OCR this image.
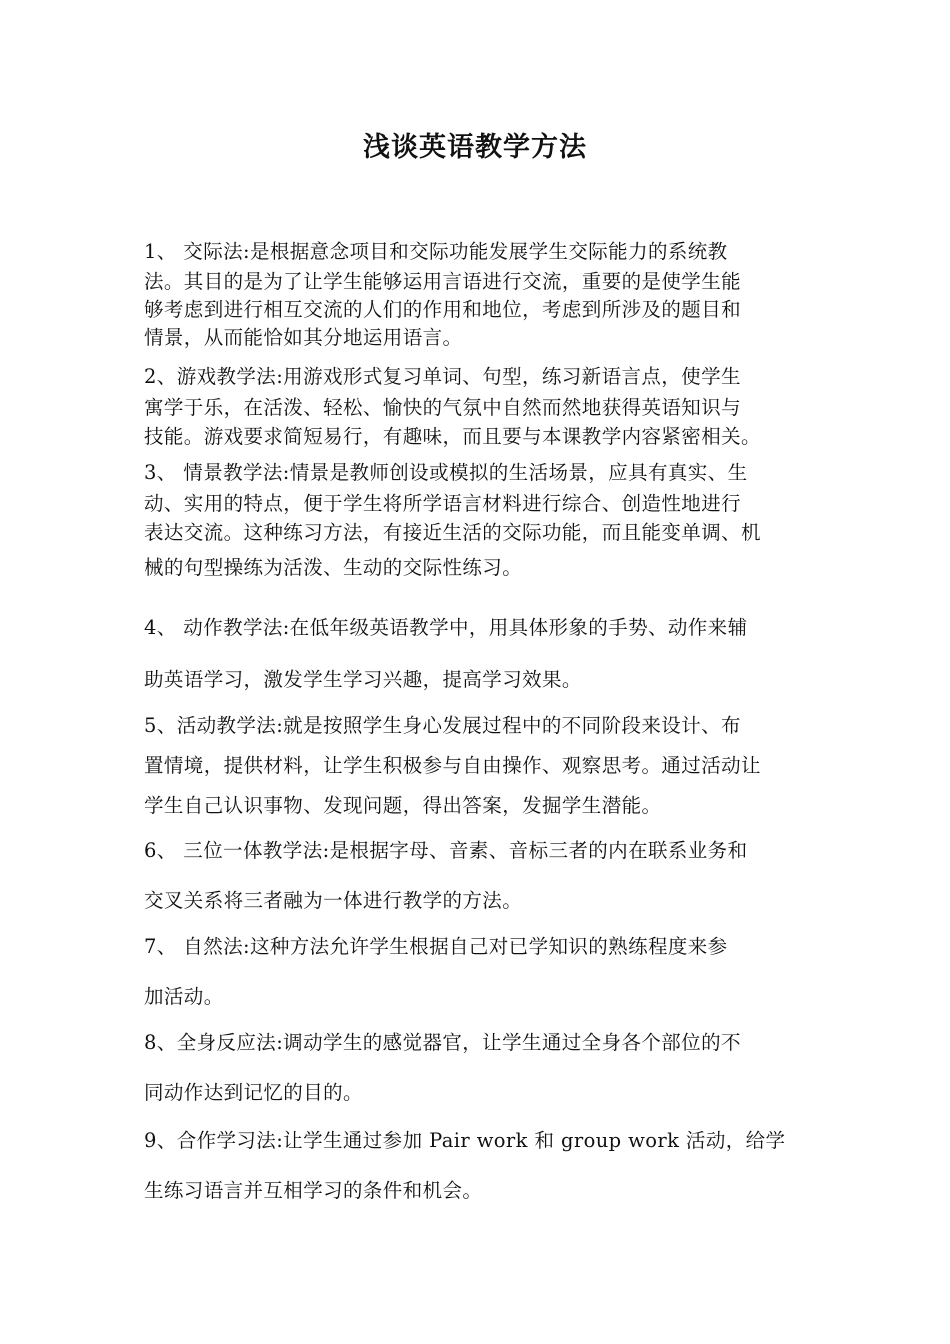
浅谈英语教学方法
1、 交际法:是根据意念项目和交际功能发展学生交际能力的系统教
法。其目的是为了让学生能够运用言语进行交流，重要的是使学生能
够考虑到进行相互交流的人们的作用和地位，考虑到所涉及的题目和
情景，从而能恰如其分地运用语言。
2、游戏教学法:用游戏形式复习单词、句型，练习新语言点，使学生
寓学于乐，在活泼、轻松、愉快的气氛中自然而然地获得英语知识与
技能。游戏要求简短易行，有趣味，而且要与本课教学内容紧密相关。
3、 情景教学法:情景是教师创设或模拟的生活场景，应具有真实、生
动、实用的特点，便于学生将所学语言材料进行综合、创造性地进行
表达交流。这种练习方法，有接近生活的交际功能，而且能变单调、机
械的句型操练为活泼、生动的交际性练习。
4、 动作教学法:在低年级英语教学中，用具体形象的手势、动作来辅
助英语学习，激发学生学习兴趣，提高学习效果。
5、活动教学法:就是按照学生身心发展过程中的不同阶段来设计、布
置情境，提供材料，让学生积极参与自由操作、观察思考。通过活动让
学生自己认识事物、发现问题，得出答案，发掘学生潜能。
6、 三位一体教学法:是根据字母、音素、音标三者的内在联系业务和
交叉关系将三者融为一体进行教学的方法。
7、 自然法:这种方法允许学生根据自己对已学知识的熟练程度来参
加活动。
8、全身反应法:调动学生的感觉器官，让学生通过全身各个部位的不
同动作达到记忆的目的。
9、合作学习法:让学生通过参加 Pair work 和 group work 活动，给学
生练习语言并互相学习的条件和机会。
